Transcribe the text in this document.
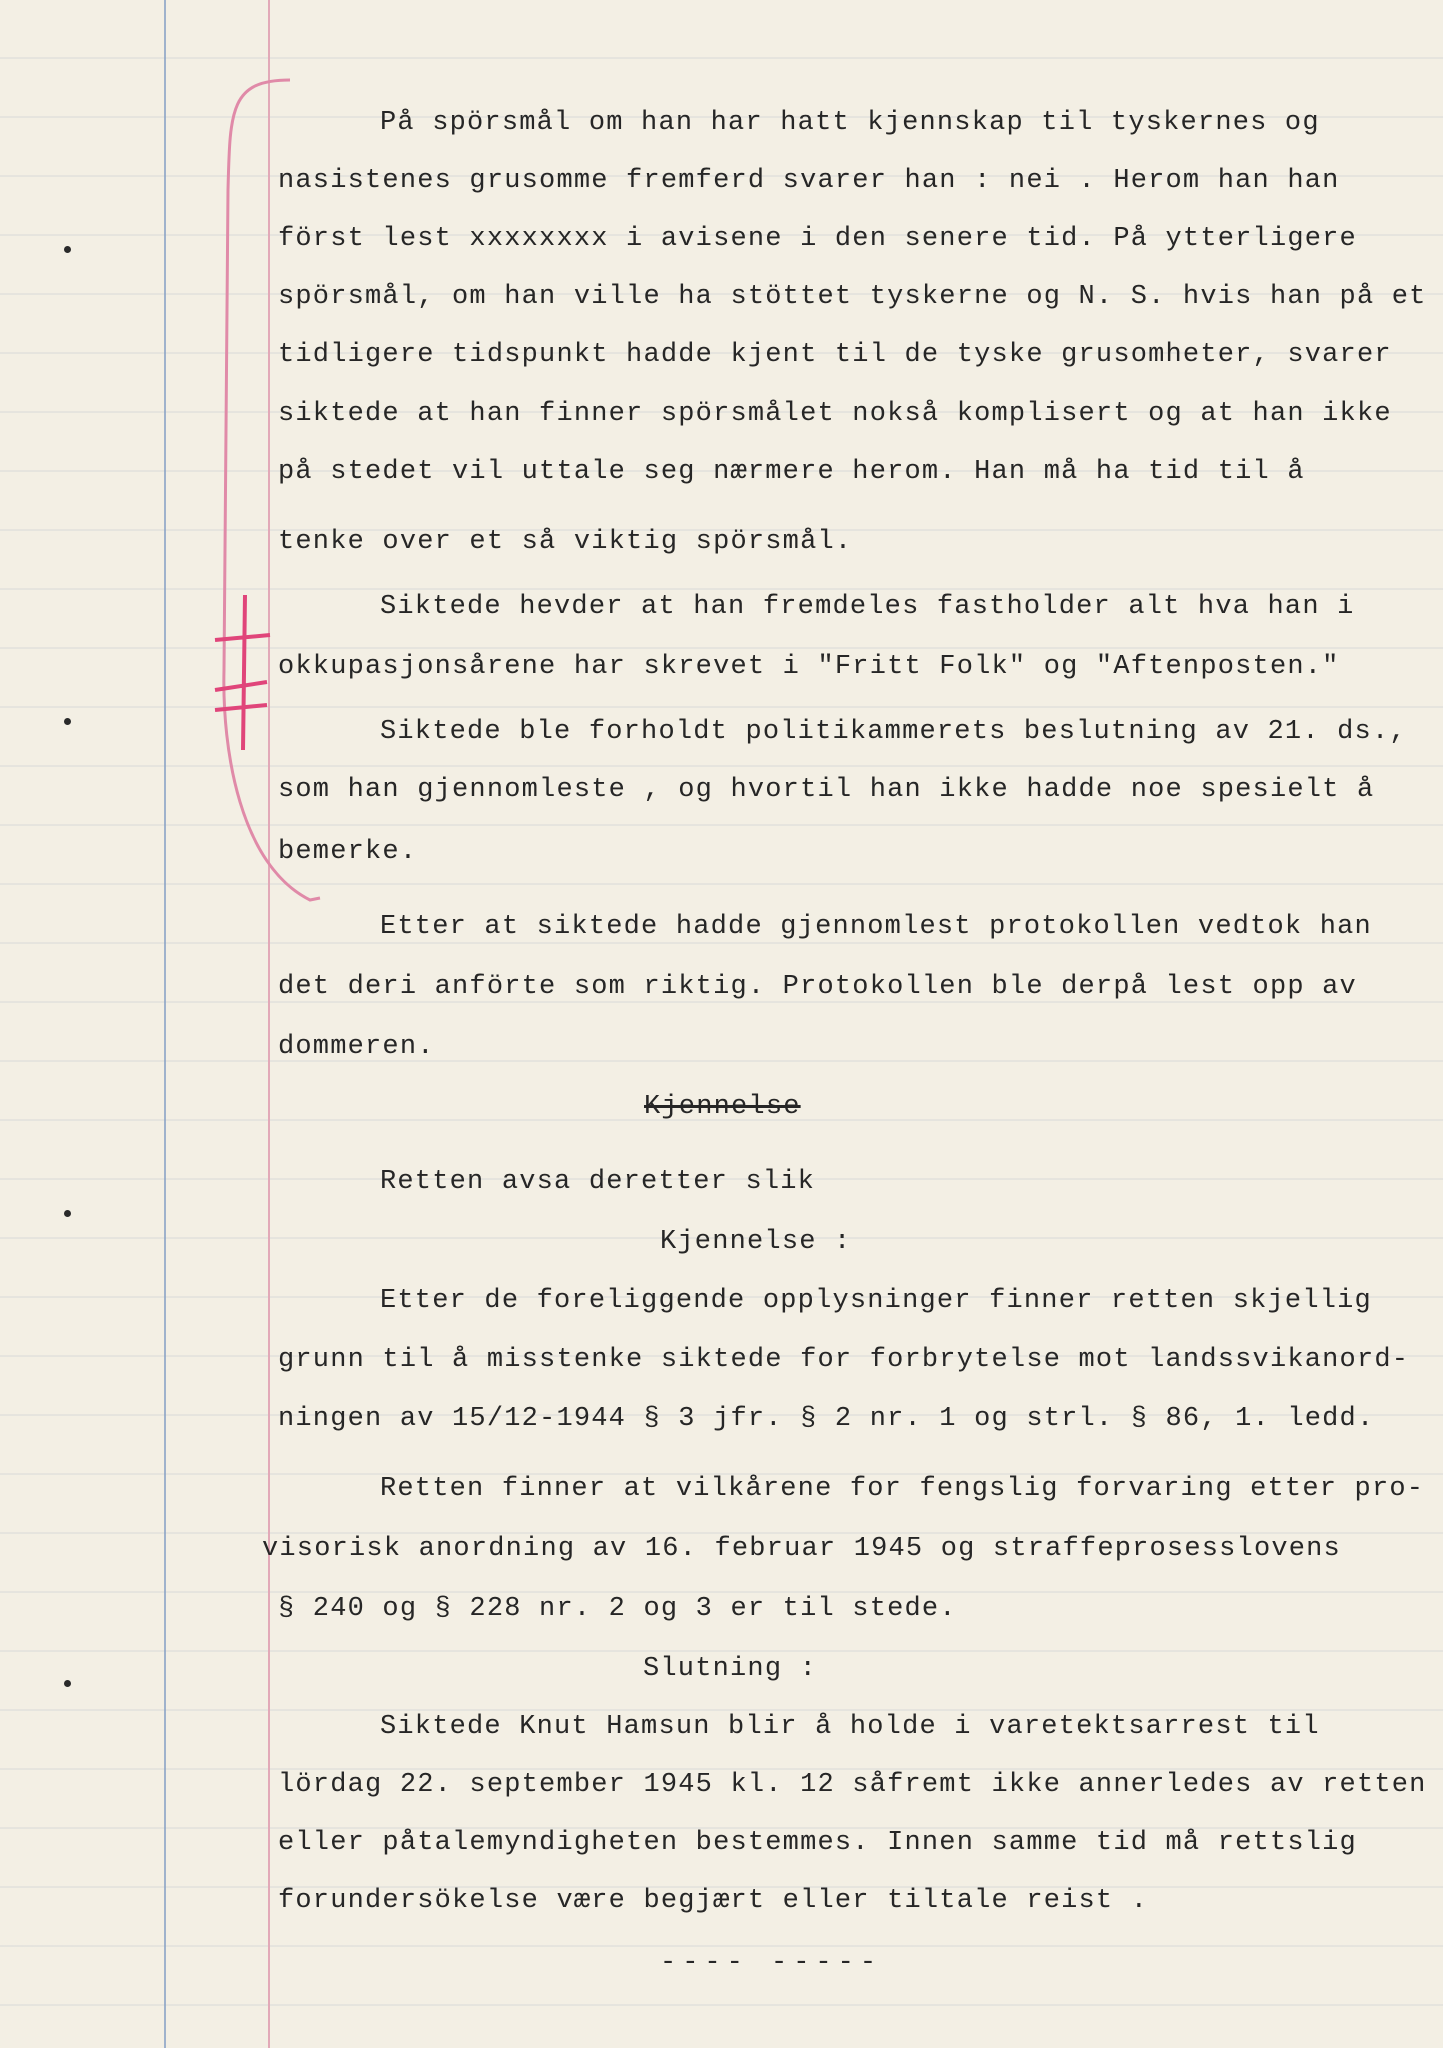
På spörsmål om han har hatt kjennskap til tyskernes og
nasistenes grusomme fremferd svarer han : nei . Herom han han
först lest xxxxxxxx i avisene i den senere tid. På ytterligere
spörsmål, om han ville ha stöttet tyskerne og N. S. hvis han på et
tidligere tidspunkt hadde kjent til de tyske grusomheter, svarer
siktede at han finner spörsmålet nokså komplisert og at han ikke
på stedet vil uttale seg nærmere herom. Han må ha tid til å
tenke over et så viktig spörsmål.
Siktede hevder at han fremdeles fastholder alt hva han i
okkupasjonsårene har skrevet i "Fritt Folk" og "Aftenposten."
Siktede ble forholdt politikammerets beslutning av 21. ds.,
som han gjennomleste , og hvortil han ikke hadde noe spesielt å
bemerke.
Etter at siktede hadde gjennomlest protokollen vedtok han
det deri anförte som riktig. Protokollen ble derpå lest opp av
dommeren.
Kjennelse
Retten avsa deretter slik
Kjennelse :
Etter de foreliggende opplysninger finner retten skjellig
grunn til å misstenke siktede for forbrytelse mot landssvikanord-
ningen av 15/12-1944 § 3 jfr. § 2 nr. 1 og strl. § 86, 1. ledd.
Retten finner at vilkårene for fengslig forvaring etter pro-
visorisk anordning av 16. februar 1945 og straffeprosesslovens
§ 240 og § 228 nr. 2 og 3 er til stede.
Slutning :
Siktede Knut Hamsun blir å holde i varetektsarrest til
lördag 22. september 1945 kl. 12 såfremt ikke annerledes av retten
eller påtalemyndigheten bestemmes. Innen samme tid må rettslig
forundersökelse være begjært eller tiltale reist .
---- -----
